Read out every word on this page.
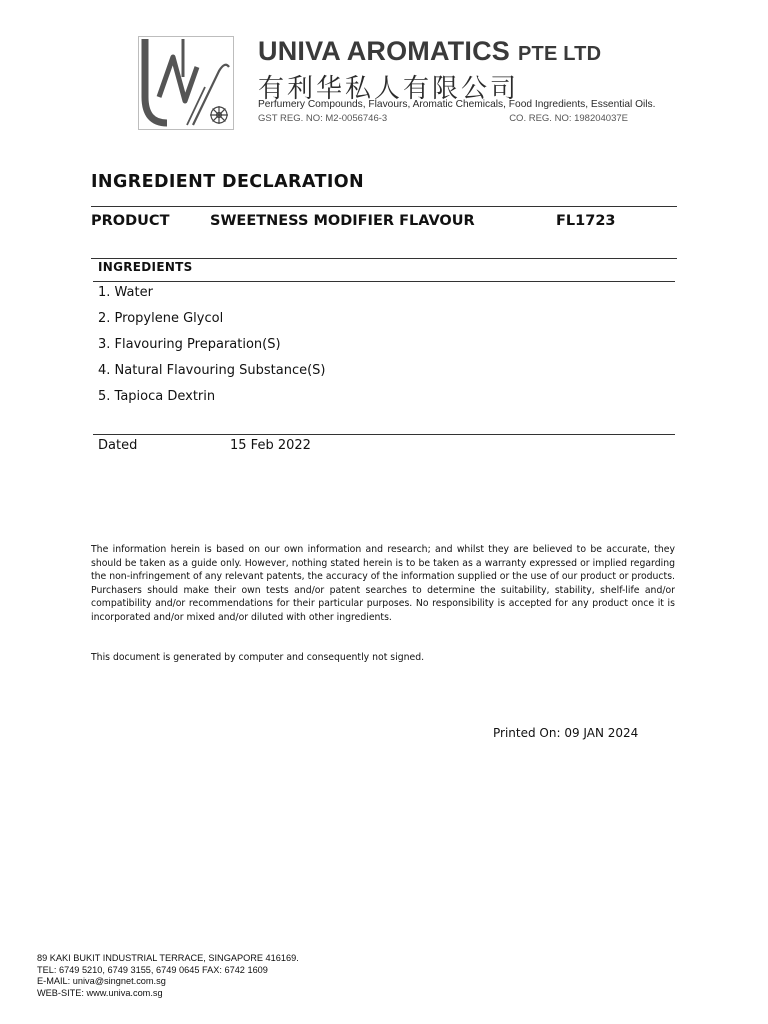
UNIVA AROMATICS PTE LTD
有利华私人有限公司
Perfumery Compounds, Flavours, Aromatic Chemicals, Food Ingredients, Essential Oils.
GST REG. NO: M2-0056746-3	CO. REG. NO: 198204037E
INGREDIENT DECLARATION
PRODUCT	SWEETNESS MODIFIER FLAVOUR	FL1723
INGREDIENTS
1. Water
2. Propylene Glycol
3. Flavouring Preparation(S)
4. Natural Flavouring Substance(S)
5. Tapioca Dextrin
Dated	15 Feb 2022

The information herein is based on our own information and research; and whilst they are believed to be accurate, they should be taken as a guide only. However, nothing stated herein is to be taken as a warranty expressed or implied regarding the non-infringement of any relevant patents, the accuracy of the information supplied or the use of our product or products. Purchasers should make their own tests and/or patent searches to determine the suitability, stability, shelf-life and/or compatibility and/or recommendations for their particular purposes. No responsibility is accepted for any product once it is incorporated and/or mixed and/or diluted with other ingredients.

This document is generated by computer and consequently not signed.
Printed On: 09 JAN 2024
89 KAKI BUKIT INDUSTRIAL TERRACE, SINGAPORE 416169.
TEL: 6749 5210, 6749 3155, 6749 0645 FAX: 6742 1609
E-MAIL: univa@singnet.com.sg
WEB-SITE: www.univa.com.sg
